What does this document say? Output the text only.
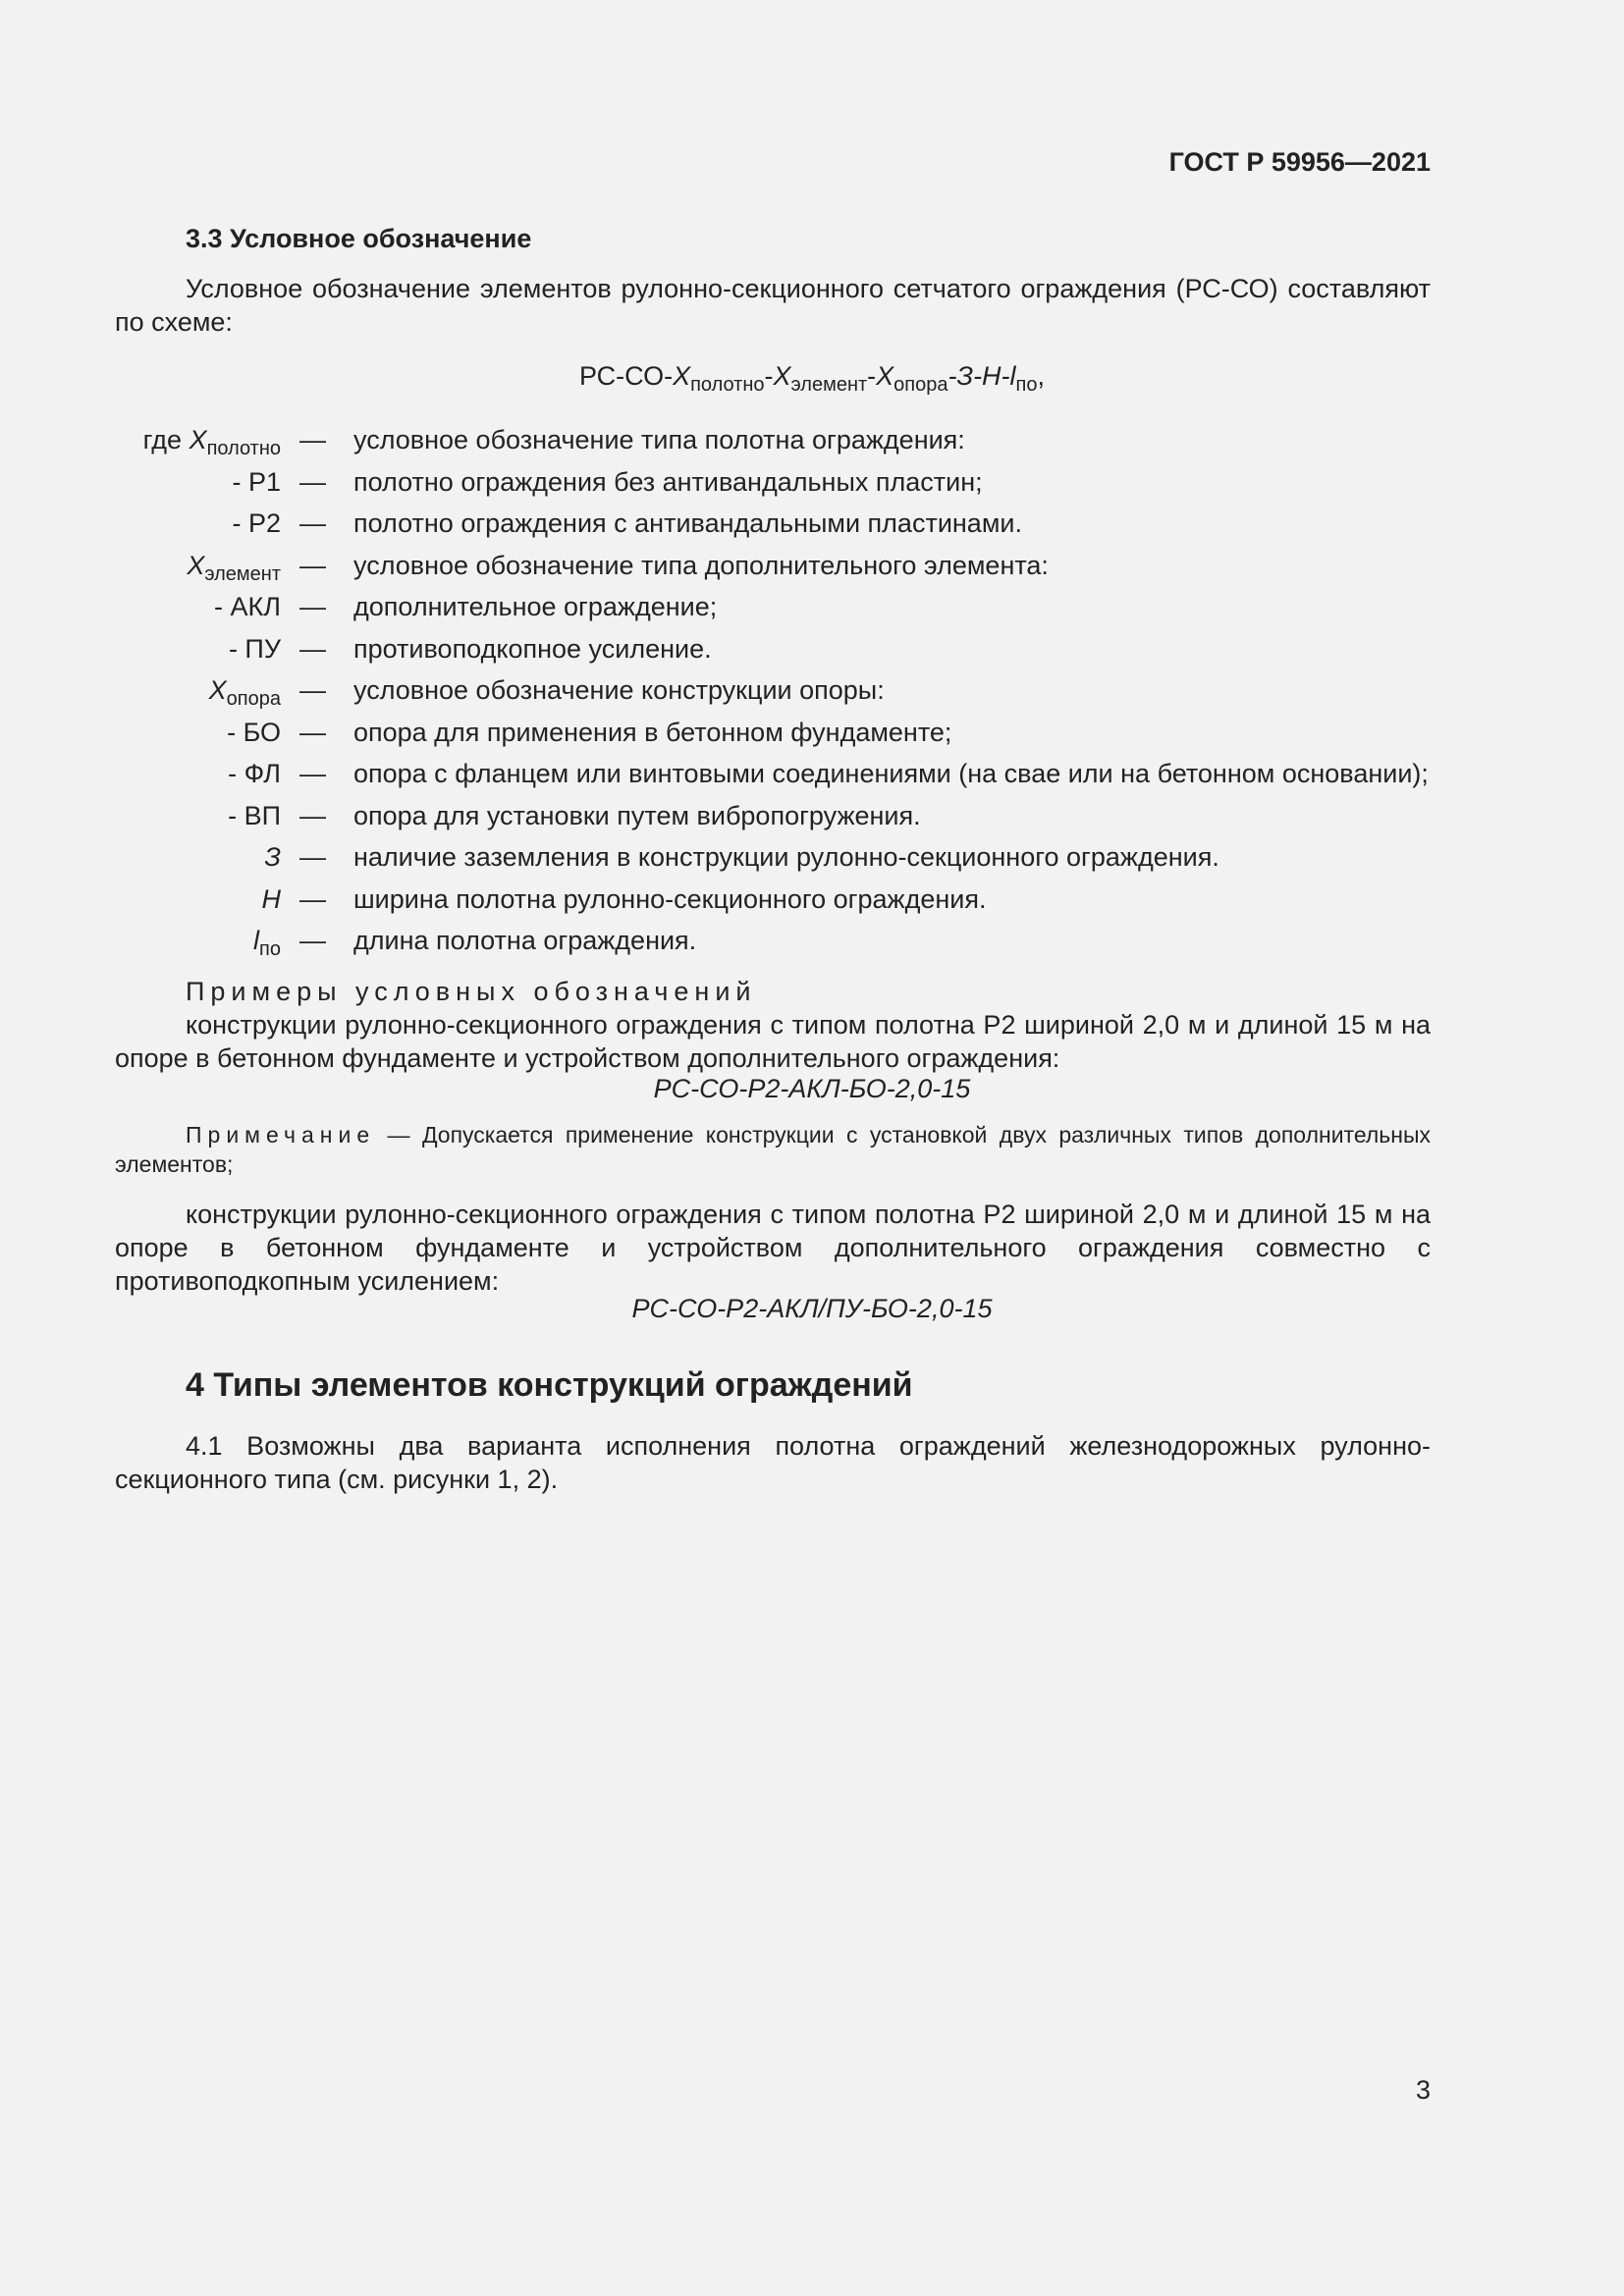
ГОСТ Р 59956—2021
3.3 Условное обозначение
Условное обозначение элементов рулонно-секционного сетчатого ограждения (РС-СО) составляют по схеме:
$РС-СО-X_{полотно}-X_{элемент}-X_{опора}-З-Н-l_{по}$,
где $X_{полотно}$ — условное обозначение типа полотна ограждения:
- Р1 — полотно ограждения без антивандальных пластин;
- Р2 — полотно ограждения с антивандальными пластинами.
$X_{элемент}$ — условное обозначение типа дополнительного элемента:
- АКЛ — дополнительное ограждение;
- ПУ — противоподкопное усиление.
$X_{опора}$ — условное обозначение конструкции опоры:
- БО — опора для применения в бетонном фундаменте;
- ФЛ — опора с фланцем или винтовыми соединениями (на свае или на бетонном основании);
- ВП — опора для установки путем вибропогружения.
З — наличие заземления в конструкции рулонно-секционного ограждения.
Н — ширина полотна рулонно-секционного ограждения.
$l_{по}$ — длина полотна ограждения.
Примеры условных обозначений
конструкции рулонно-секционного ограждения с типом полотна Р2 шириной 2,0 м и длиной 15 м на опоре в бетонном фундаменте и устройством дополнительного ограждения:
РС-СО-Р2-АКЛ-БО-2,0-15
Примечание — Допускается применение конструкции с установкой двух различных типов дополнительных элементов;
конструкции рулонно-секционного ограждения с типом полотна Р2 шириной 2,0 м и длиной 15 м на опоре в бетонном фундаменте и устройством дополнительного ограждения совместно с противоподкопным усилением:
РС-СО-Р2-АКЛ/ПУ-БО-2,0-15
4 Типы элементов конструкций ограждений
4.1 Возможны два варианта исполнения полотна ограждений железнодорожных рулонно-секционного типа (см. рисунки 1, 2).
3
